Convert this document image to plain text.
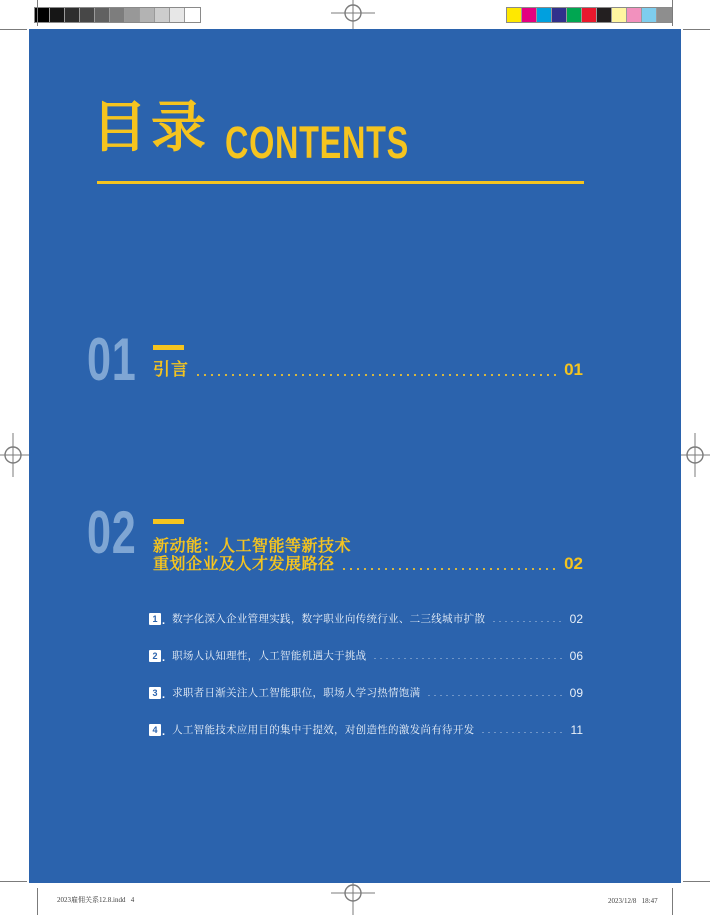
目录 CONTENTS
01 引言	01
02 新动能：人工智能等新技术
重划企业及人才发展路径	02
1 . 数字化深入企业管理实践，数字职业向传统行业、二三线城市扩散	02
2 . 职场人认知理性，人工智能机遇大于挑战	06
3 . 求职者日渐关注人工智能职位，职场人学习热情饱满	09
4 . 人工智能技术应用目的集中于提效，对创造性的激发尚有待开发	11
2023雇佣关系12.8.indd   4	2023/12/8   18:47
